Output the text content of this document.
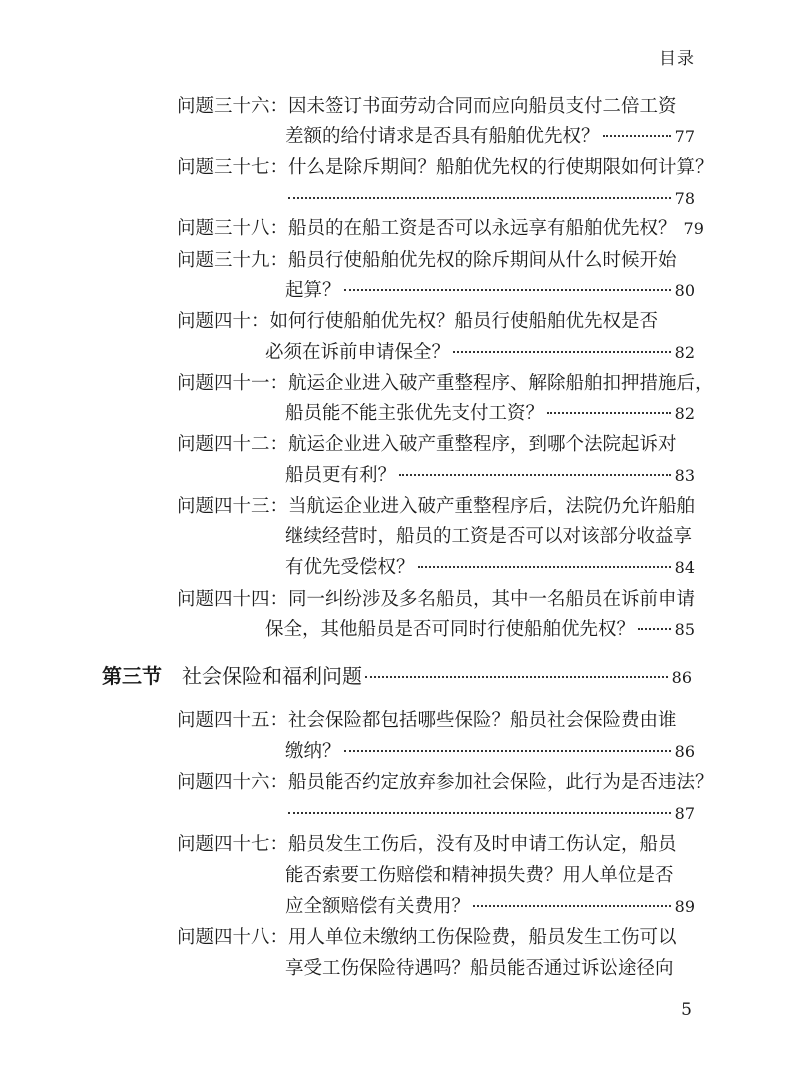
目录
问题三十六： 因未签订书面劳动合同而应向船员支付二倍工资
差额的给付请求是否具有船舶优先权？	77
问题三十七： 什么是除斥期间？船舶优先权的行使期限如何计算？
78
问题三十八： 船员的在船工资是否可以永远享有船舶优先权？ 79
问题三十九： 船员行使船舶优先权的除斥期间从什么时候开始
起算？	80
问题四十： 如何行使船舶优先权？船员行使船舶优先权是否
必须在诉前申请保全？	82
问题四十一： 航运企业进入破产重整程序、解除船舶扣押措施后，
船员能不能主张优先支付工资？	82
问题四十二： 航运企业进入破产重整程序，到哪个法院起诉对
船员更有利？	83
问题四十三： 当航运企业进入破产重整程序后，法院仍允许船舶
继续经营时，船员的工资是否可以对该部分收益享
有优先受偿权？	84
问题四十四： 同一纠纷涉及多名船员，其中一名船员在诉前申请
保全，其他船员是否可同时行使船舶优先权？ 85
第三节 社会保险和福利问题	86
问题四十五： 社会保险都包括哪些保险？船员社会保险费由谁
缴纳？	86
问题四十六： 船员能否约定放弃参加社会保险，此行为是否违法？
87
问题四十七： 船员发生工伤后，没有及时申请工伤认定，船员
能否索要工伤赔偿和精神损失费？用人单位是否
应全额赔偿有关费用？	89
问题四十八： 用人单位未缴纳工伤保险费，船员发生工伤可以
享受工伤保险待遇吗？船员能否通过诉讼途径向
5
